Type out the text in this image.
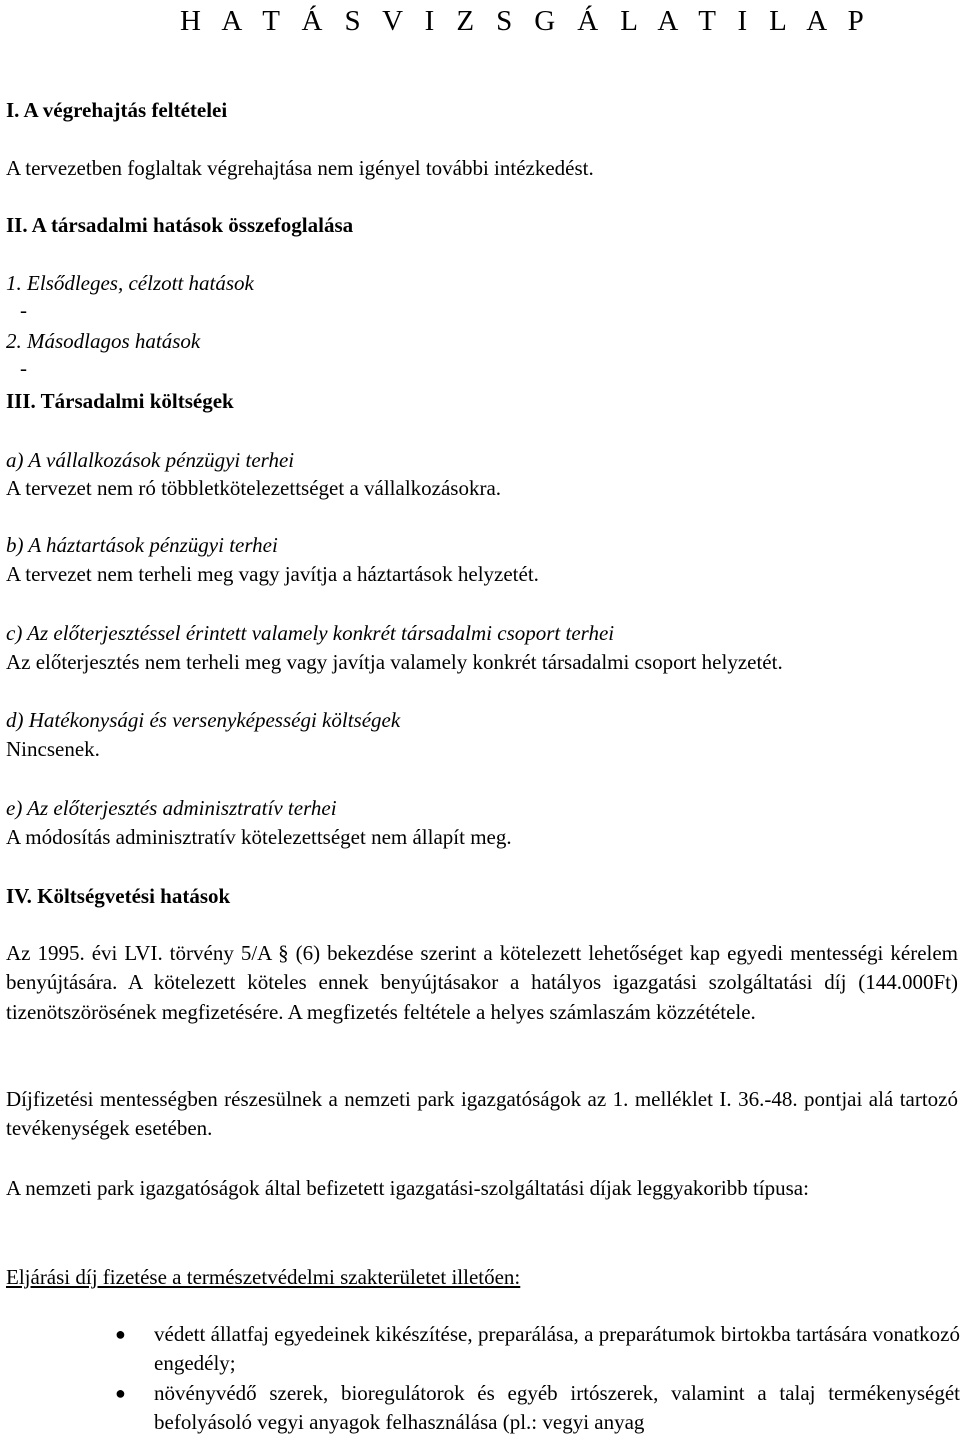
H A T Á S V I Z S G Á L A T I L A P

I. A végrehajtás feltételei

A tervezetben foglaltak végrehajtása nem igényel további intézkedést.

II. A társadalmi hatások összefoglalása

1. Elsődleges, célzott hatások

-

2. Másodlagos hatások

-

III. Társadalmi költségek

a) A vállalkozások pénzügyi terhei

A tervezet nem ró többletkötelezettséget a vállalkozásokra.

b) A háztartások pénzügyi terhei

A tervezet nem terheli meg vagy javítja a háztartások helyzetét.

c) Az előterjesztéssel érintett valamely konkrét társadalmi csoport terhei

Az előterjesztés nem terheli meg vagy javítja valamely konkrét társadalmi csoport helyzetét.

d) Hatékonysági és versenyképességi költségek

Nincsenek.

e) Az előterjesztés adminisztratív terhei

A módosítás adminisztratív kötelezettséget nem állapít meg.

IV. Költségvetési hatások

Az 1995. évi LVI. törvény 5/A § (6) bekezdése szerint a kötelezett lehetőséget kap egyedi mentességi kérelem benyújtására. A kötelezett köteles ennek benyújtásakor a hatályos igazgatási szolgáltatási díj (144.000Ft) tizenötszörösének megfizetésére. A megfizetés feltétele a helyes számlaszám közzététele.

Díjfizetési mentességben részesülnek a nemzeti park igazgatóságok az 1. melléklet I. 36.-48. pontjai alá tartozó tevékenységek esetében.

A nemzeti park igazgatóságok által befizetett igazgatási-szolgáltatási díjak leggyakoribb típusa:

Eljárási díj fizetése a természetvédelmi szakterületet illetően:

● védett állatfaj egyedeinek kikészítése, preparálása, a preparátumok birtokba tartására vonatkozó engedély;

● növényvédő szerek, bioregulátorok és egyéb irtószerek, valamint a talaj termékenységét befolyásoló vegyi anyagok felhasználása (pl.: vegyi anyag
